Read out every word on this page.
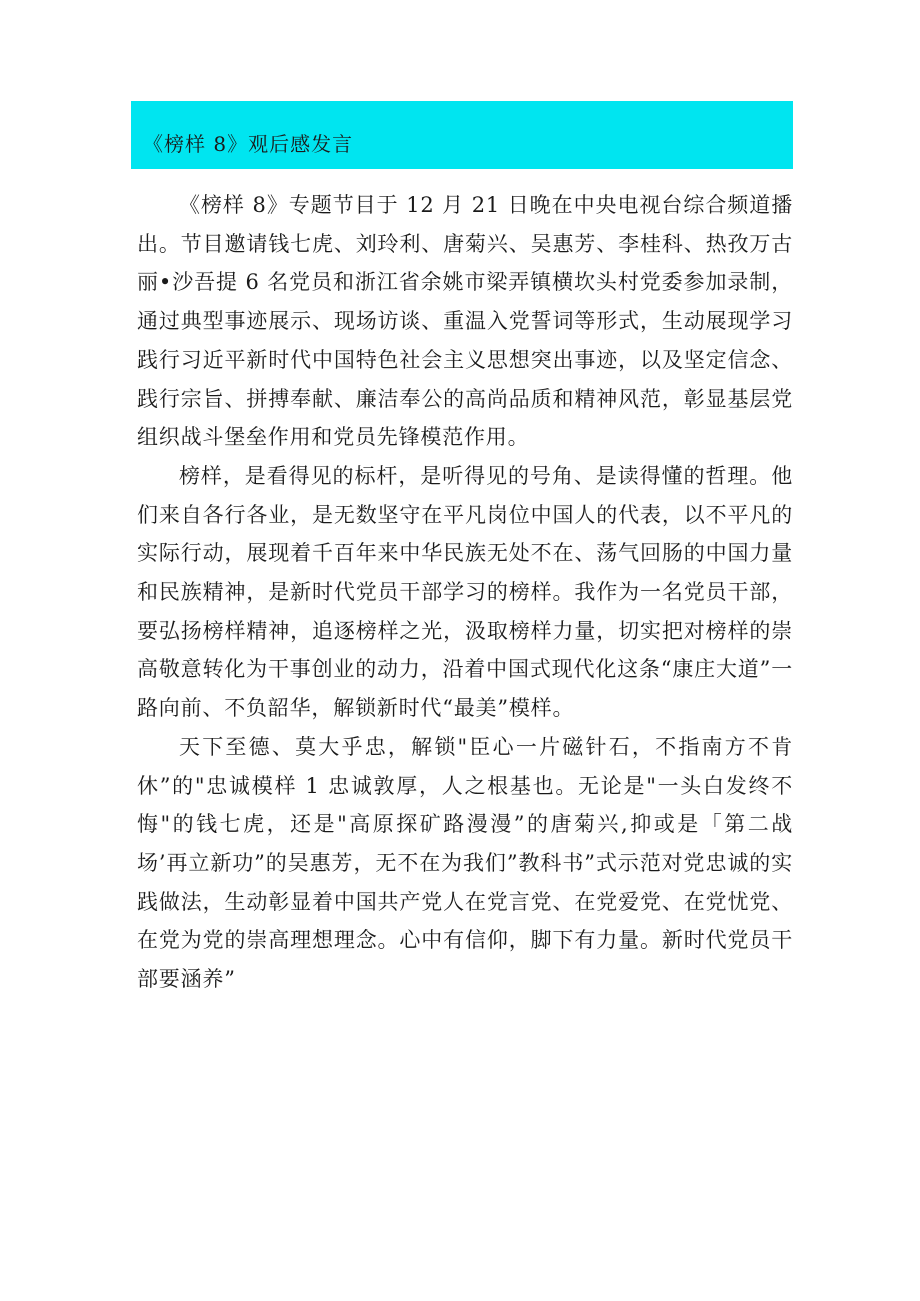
《榜样 8》观后感发言

《榜样 8》专题节目于 12 月 21 日晚在中央电视台综合频道播出。节目邀请钱七虎、刘玲利、唐菊兴、吴惠芳、李桂科、热孜万古丽•沙吾提 6 名党员和浙江省余姚市梁弄镇横坎头村党委参加录制，通过典型事迹展示、现场访谈、重温入党誓词等形式，生动展现学习践行习近平新时代中国特色社会主义思想突出事迹，以及坚定信念、践行宗旨、拼搏奉献、廉洁奉公的高尚品质和精神风范，彰显基层党组织战斗堡垒作用和党员先锋模范作用。

榜样，是看得见的标杆，是听得见的号角、是读得懂的哲理。他们来自各行各业，是无数坚守在平凡岗位中国人的代表，以不平凡的实际行动，展现着千百年来中华民族无处不在、荡气回肠的中国力量和民族精神，是新时代党员干部学习的榜样。我作为一名党员干部，要弘扬榜样精神，追逐榜样之光，汲取榜样力量，切实把对榜样的崇高敬意转化为干事创业的动力，沿着中国式现代化这条“康庄大道”一路向前、不负韶华，解锁新时代“最美”模样。

天下至德、莫大乎忠，解锁"臣心一片磁针石，不指南方不肯休”的"忠诚模样 1 忠诚敦厚，人之根基也。无论是"一头白发终不悔"的钱七虎，还是"高原探矿路漫漫”的唐菊兴,抑或是「第二战场’再立新功”的吴惠芳，无不在为我们”教科书”式示范对党忠诚的实践做法，生动彰显着中国共产党人在党言党、在党爱党、在党忧党、在党为党的崇高理想理念。心中有信仰，脚下有力量。新时代党员干部要涵养”
